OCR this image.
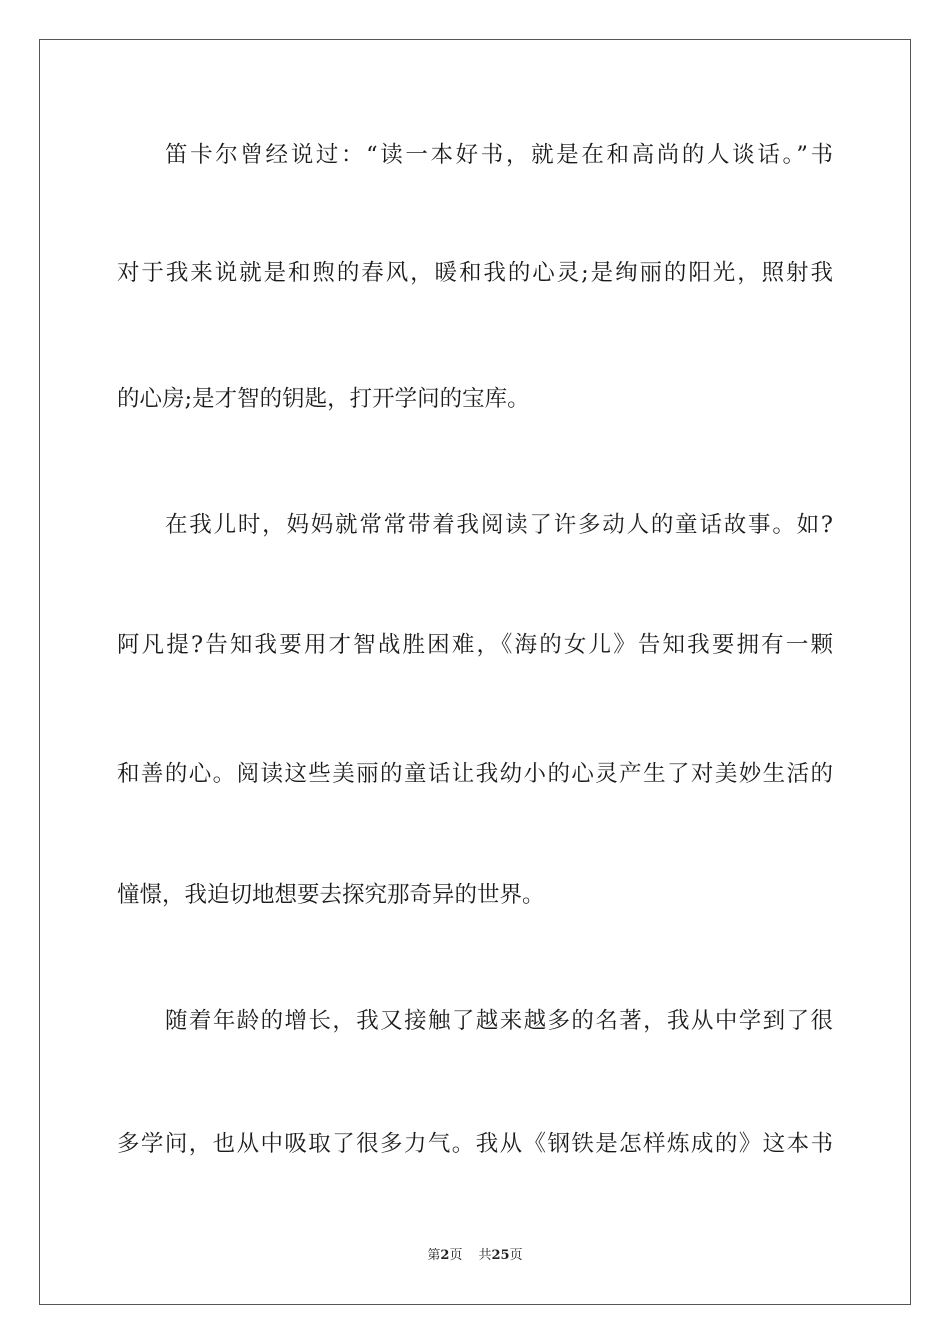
笛卡尔曾经说过：“读一本好书，就是在和高尚的人谈话。”书
对于我来说就是和煦的春风，暖和我的心灵;是绚丽的阳光，照射我
的心房;是才智的钥匙，打开学问的宝库。
在我儿时，妈妈就常常带着我阅读了许多动人的童话故事。如?
阿凡提?告知我要用才智战胜困难，《海的女儿》告知我要拥有一颗
和善的心。阅读这些美丽的童话让我幼小的心灵产生了对美妙生活的
憧憬，我迫切地想要去探究那奇异的世界。
随着年龄的增长，我又接触了越来越多的名著，我从中学到了很
多学问，也从中吸取了很多力气。我从《钢铁是怎样炼成的》这本书
第2页 共25页
